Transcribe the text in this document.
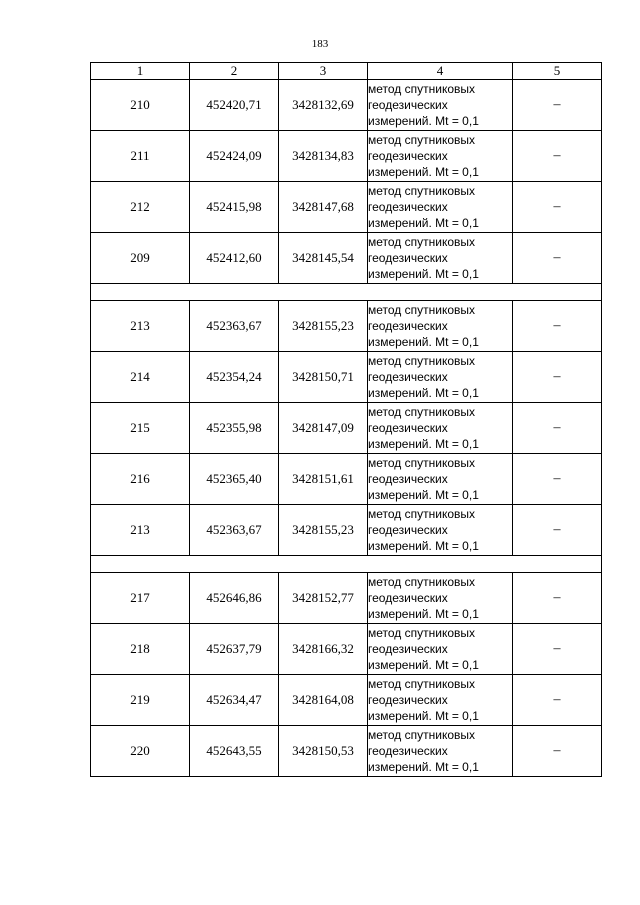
183
1	2	3	4	5
210	452420,71	3428132,69	метод спутниковых
геодезических
измерений. Mt = 0,1	–
211	452424,09	3428134,83	метод спутниковых
геодезических
измерений. Mt = 0,1	–
212	452415,98	3428147,68	метод спутниковых
геодезических
измерений. Mt = 0,1	–
209	452412,60	3428145,54	метод спутниковых
геодезических
измерений. Mt = 0,1	–

213	452363,67	3428155,23	метод спутниковых
геодезических
измерений. Mt = 0,1	–
214	452354,24	3428150,71	метод спутниковых
геодезических
измерений. Mt = 0,1	–
215	452355,98	3428147,09	метод спутниковых
геодезических
измерений. Mt = 0,1	–
216	452365,40	3428151,61	метод спутниковых
геодезических
измерений. Mt = 0,1	–
213	452363,67	3428155,23	метод спутниковых
геодезических
измерений. Mt = 0,1	–

217	452646,86	3428152,77	метод спутниковых
геодезических
измерений. Mt = 0,1	–
218	452637,79	3428166,32	метод спутниковых
геодезических
измерений. Mt = 0,1	–
219	452634,47	3428164,08	метод спутниковых
геодезических
измерений. Mt = 0,1	–
220	452643,55	3428150,53	метод спутниковых
геодезических
измерений. Mt = 0,1	–
